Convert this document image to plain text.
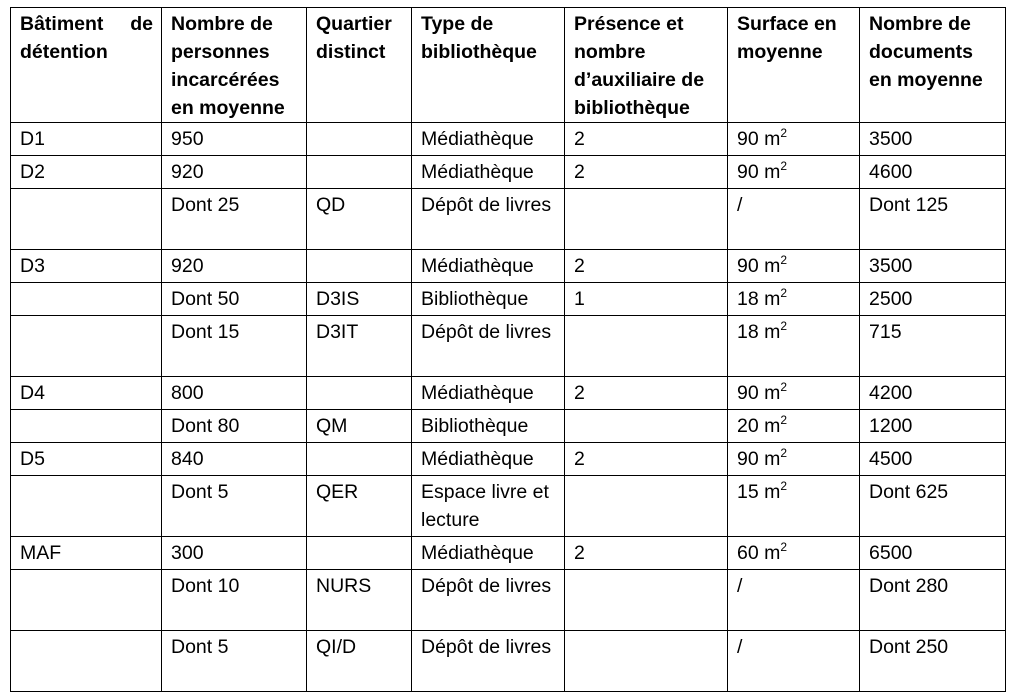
Bâtiment de détention	Nombre de personnes incarcérées en moyenne	Quartier distinct	Type de bibliothèque	Présence et nombre d’auxiliaire de bibliothèque	Surface en moyenne	Nombre de documents en moyenne
D1	950		Médiathèque	2	90 $m^2$	3500
D2	920		Médiathèque	2	90 $m^2$	4600
	Dont 25	QD	Dépôt de livres		/	Dont 125
D3	920		Médiathèque	2	90 $m^2$	3500
	Dont 50	D3IS	Bibliothèque	1	18 $m^2$	2500
	Dont 15	D3IT	Dépôt de livres		18 $m^2$	715
D4	800		Médiathèque	2	90 $m^2$	4200
	Dont 80	QM	Bibliothèque		20 $m^2$	1200
D5	840		Médiathèque	2	90 $m^2$	4500
	Dont 5	QER	Espace livre et lecture		15 $m^2$	Dont 625
MAF	300		Médiathèque	2	60 $m^2$	6500
	Dont 10	NURS	Dépôt de livres		/	Dont 280
	Dont 5	QI/D	Dépôt de livres		/	Dont 250
